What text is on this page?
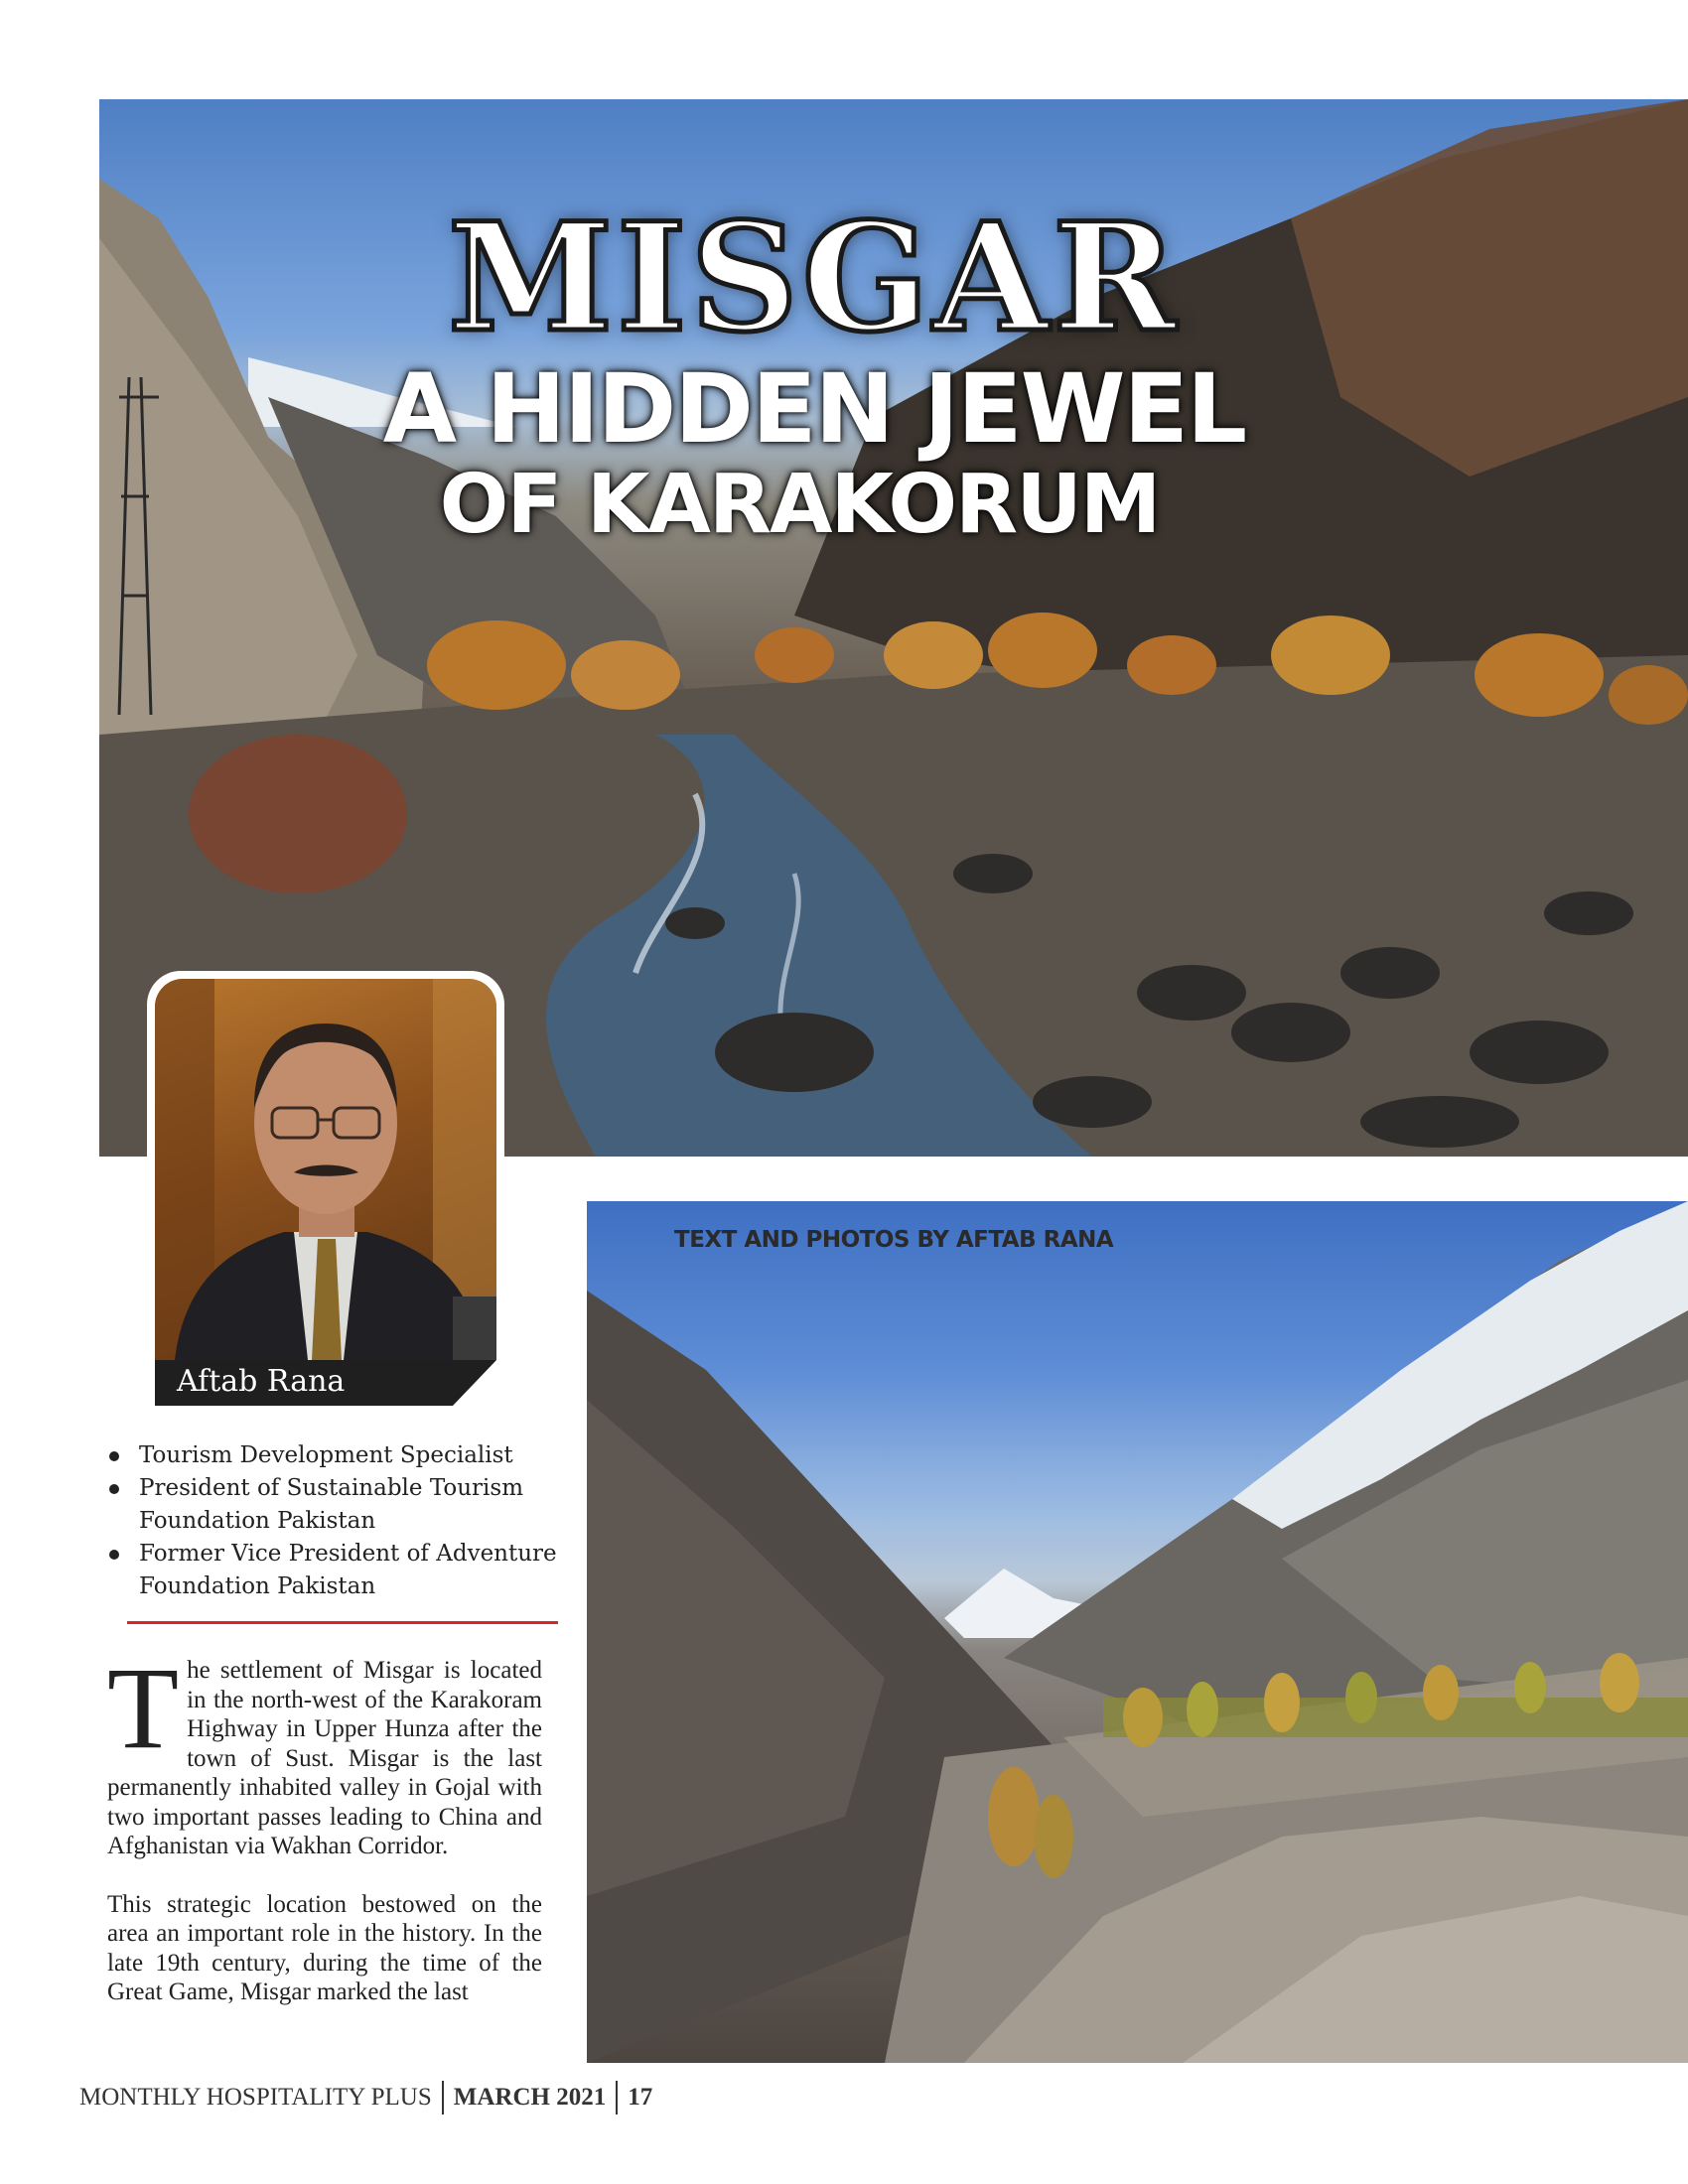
MISGAR
A HIDDEN JEWEL
OF KARAKORUM
TEXT AND PHOTOS BY AFTAB RANA
Aftab Rana
Tourism Development Specialist
President of Sustainable Tourism Foundation Pakistan
Former Vice President of Adventure Foundation Pakistan

The settlement of Misgar is located in the north-west of the Karakoram Highway in Upper Hunza after the town of Sust. Misgar is the last permanently inhabited valley in Gojal with two important passes leading to China and Afghanistan via Wakhan Corridor.

This strategic location bestowed on the area an important role in the history. In the late 19th century, during the time of the Great Game, Misgar marked the last

MONTHLY HOSPITALITY PLUS MARCH 2021 17
